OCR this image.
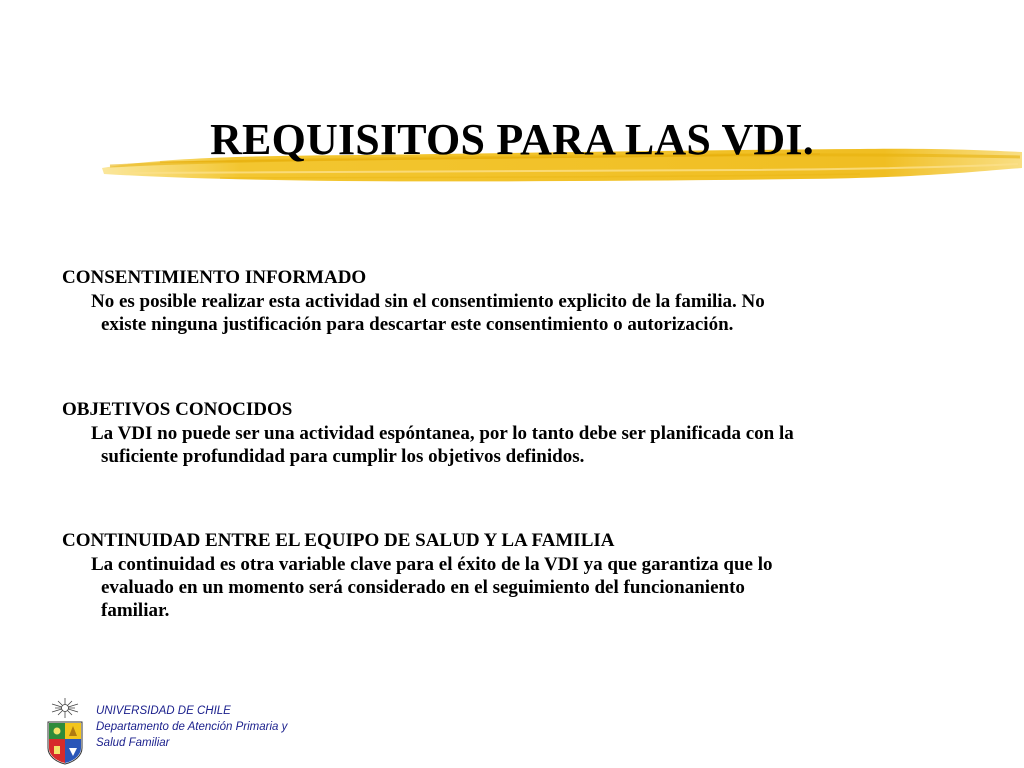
REQUISITOS PARA LAS VDI.

CONSENTIMIENTO INFORMADO

No es posible realizar esta actividad sin el consentimiento explicito de la familia. No
existe ninguna justificación para descartar este consentimiento o autorización.

OBJETIVOS CONOCIDOS

La VDI no puede ser una actividad espóntanea, por lo tanto debe ser planificada con la
suficiente profundidad para cumplir los objetivos definidos.

CONTINUIDAD ENTRE EL EQUIPO DE SALUD Y LA FAMILIA

La continuidad es otra variable clave para el éxito de la VDI ya que garantiza que lo
evaluado en un momento será considerado en el seguimiento del funcionaniento
familiar.

UNIVERSIDAD DE CHILE
Departamento de Atención Primaria y
Salud Familiar
